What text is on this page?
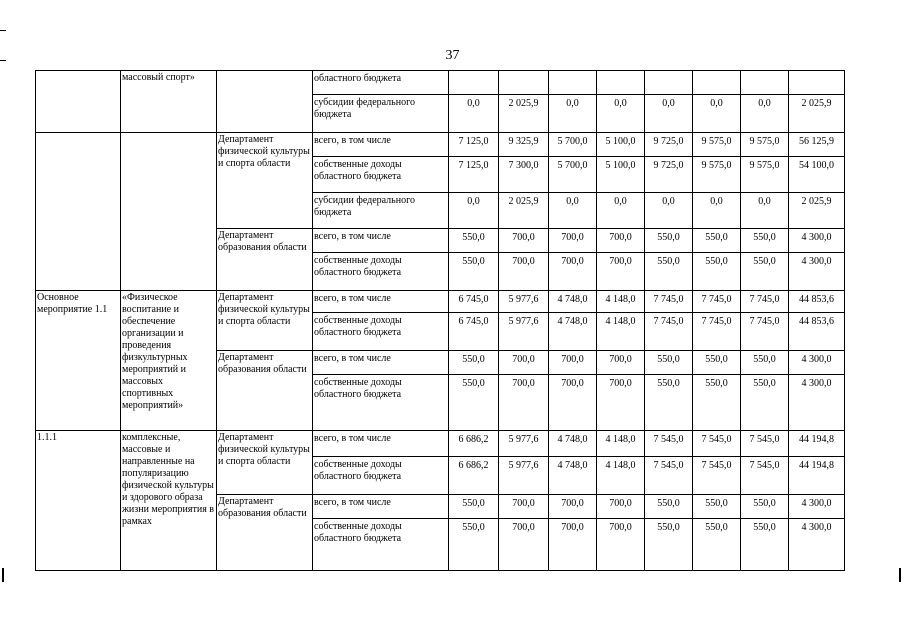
37
	массовый спорт»		областного бюджета								
			субсидии федерального бюджета	0,0	2 025,9	0,0	0,0	0,0	0,0	0,0	2 025,9
		Департамент физической культуры и спорта области	всего, в том числе	7 125,0	9 325,9	5 700,0	5 100,0	9 725,0	9 575,0	9 575,0	56 125,9
			собственные доходы областного бюджета	7 125,0	7 300,0	5 700,0	5 100,0	9 725,0	9 575,0	9 575,0	54 100,0
			субсидии федерального бюджета	0,0	2 025,9	0,0	0,0	0,0	0,0	0,0	2 025,9
		Департамент образования области	всего, в том числе	550,0	700,0	700,0	700,0	550,0	550,0	550,0	4 300,0
			собственные доходы областного бюджета	550,0	700,0	700,0	700,0	550,0	550,0	550,0	4 300,0
Основное мероприятие 1.1	«Физическое воспитание и обеспечение организации и проведения физкультурных мероприятий и массовых спортивных мероприятий»	Департамент физической культуры и спорта области	всего, в том числе	6 745,0	5 977,6	4 748,0	4 148,0	7 745,0	7 745,0	7 745,0	44 853,6
			собственные доходы областного бюджета	6 745,0	5 977,6	4 748,0	4 148,0	7 745,0	7 745,0	7 745,0	44 853,6
		Департамент образования области	всего, в том числе	550,0	700,0	700,0	700,0	550,0	550,0	550,0	4 300,0
			собственные доходы областного бюджета	550,0	700,0	700,0	700,0	550,0	550,0	550,0	4 300,0
1.1.1	комплексные, массовые и направленные на популяризацию физической культуры и здорового образа жизни мероприятия в рамках	Департамент физической культуры и спорта области	всего, в том числе	6 686,2	5 977,6	4 748,0	4 148,0	7 545,0	7 545,0	7 545,0	44 194,8
			собственные доходы областного бюджета	6 686,2	5 977,6	4 748,0	4 148,0	7 545,0	7 545,0	7 545,0	44 194,8
		Департамент образования области	всего, в том числе	550,0	700,0	700,0	700,0	550,0	550,0	550,0	4 300,0
			собственные доходы областного бюджета	550,0	700,0	700,0	700,0	550,0	550,0	550,0	4 300,0
